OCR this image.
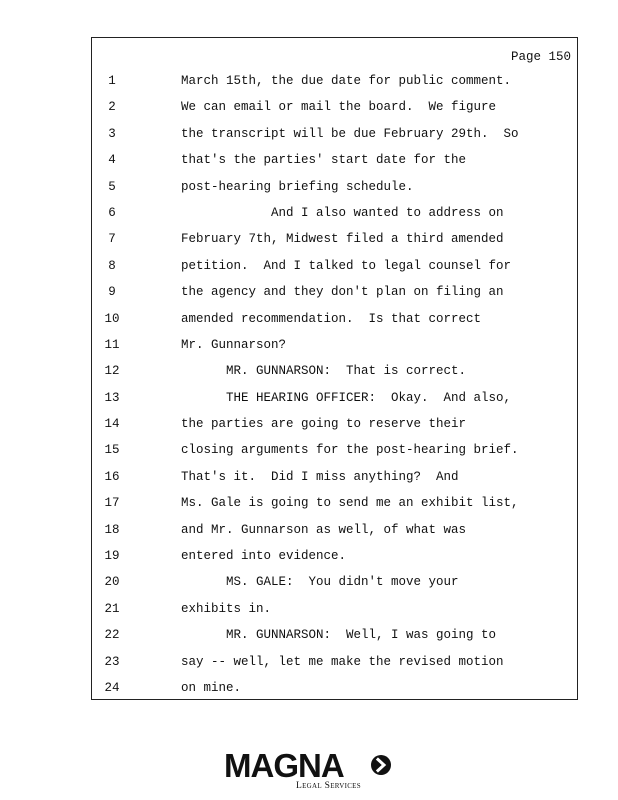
Page 150
1	March 15th, the due date for public comment.
2	We can email or mail the board.  We figure
3	the transcript will be due February 29th.  So
4	that's the parties' start date for the
5	post-hearing briefing schedule.
6	And I also wanted to address on
7	February 7th, Midwest filed a third amended
8	petition.  And I talked to legal counsel for
9	the agency and they don't plan on filing an
10	amended recommendation.  Is that correct
11	Mr. Gunnarson?
12	MR. GUNNARSON:  That is correct.
13	THE HEARING OFFICER:  Okay.  And also,
14	the parties are going to reserve their
15	closing arguments for the post-hearing brief.
16	That's it.  Did I miss anything?  And
17	Ms. Gale is going to send me an exhibit list,
18	and Mr. Gunnarson as well, of what was
19	entered into evidence.
20	MS. GALE:  You didn't move your
21	exhibits in.
22	MR. GUNNARSON:  Well, I was going to
23	say -- well, let me make the revised motion
24	on mine.
MAGNA
Legal Services
